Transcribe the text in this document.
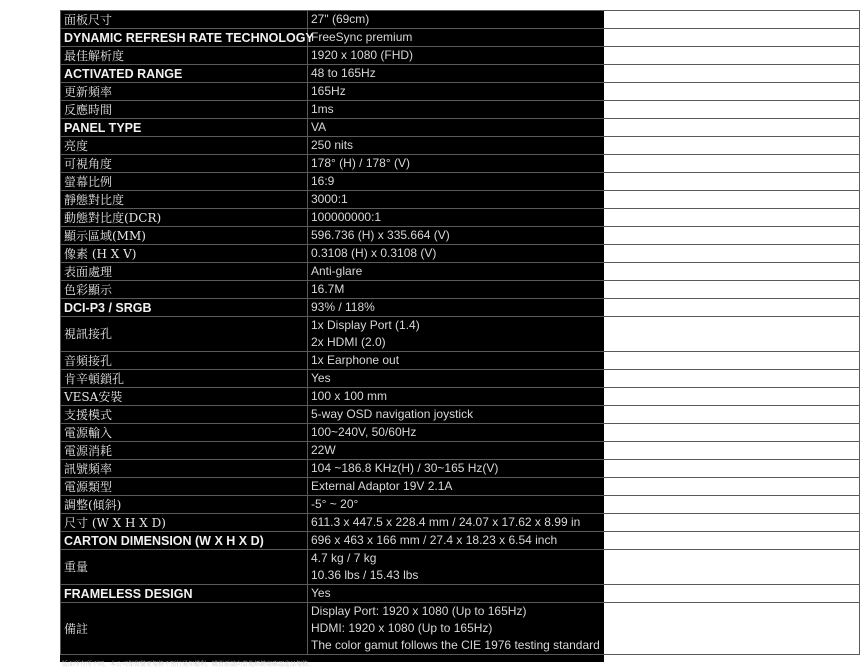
面板尺寸	27" (69cm)

DYNAMIC REFRESH RATE TECHNOLOGY	FreeSync premium

最佳解析度	1920 x 1080 (FHD)

ACTIVATED RANGE	48 to 165Hz

更新頻率	165Hz

反應時間	1ms

PANEL TYPE	VA

亮度	250 nits

可視角度	178° (H) / 178° (V)

螢幕比例	16:9

靜態對比度	3000:1

動態對比度(DCR)	100000000:1

顯示區域(MM)	596.736 (H) x 335.664 (V)

像素 (H X V)	0.3108 (H) x 0.3108 (V)

表面處理	Anti-glare

色彩顯示	16.7M

DCI-P3 / SRGB	93% / 118%

視訊接孔	1x Display Port (1.4)
2x HDMI (2.0)

音頻接孔	1x Earphone out

肯辛頓鎖孔	Yes

VESA安裝	100 x 100 mm

支援模式	5-way OSD navigation joystick

電源輸入	100~240V, 50/60Hz

電源消耗	22W

訊號頻率	104 ~186.8 KHz(H) / 30~165 Hz(V)

電源類型	External Adaptor 19V 2.1A

調整(傾斜)	-5° ~ 20°

尺寸 (W X H X D)	611.3 x 447.5 x 228.4 mm / 24.07 x 17.62 x 8.99 in

CARTON DIMENSION (W X H X D)	696 x 463 x 166 mm / 27.4 x 18.23 x 6.54 inch

重量	4.7 kg / 7 kg
10.36 lbs / 15.43 lbs

FRAMELESS DESIGN	Yes

備註	Display Port: 1920 x 1080 (Up to 165Hz)
HDMI: 1920 x 1080 (Up to 165Hz)
The color gamut follows the CIE 1976 testing standard
版面所有所不同，本公司保留變更規格不預行通知權利。購買前請向當地經銷商確認產品規格。
